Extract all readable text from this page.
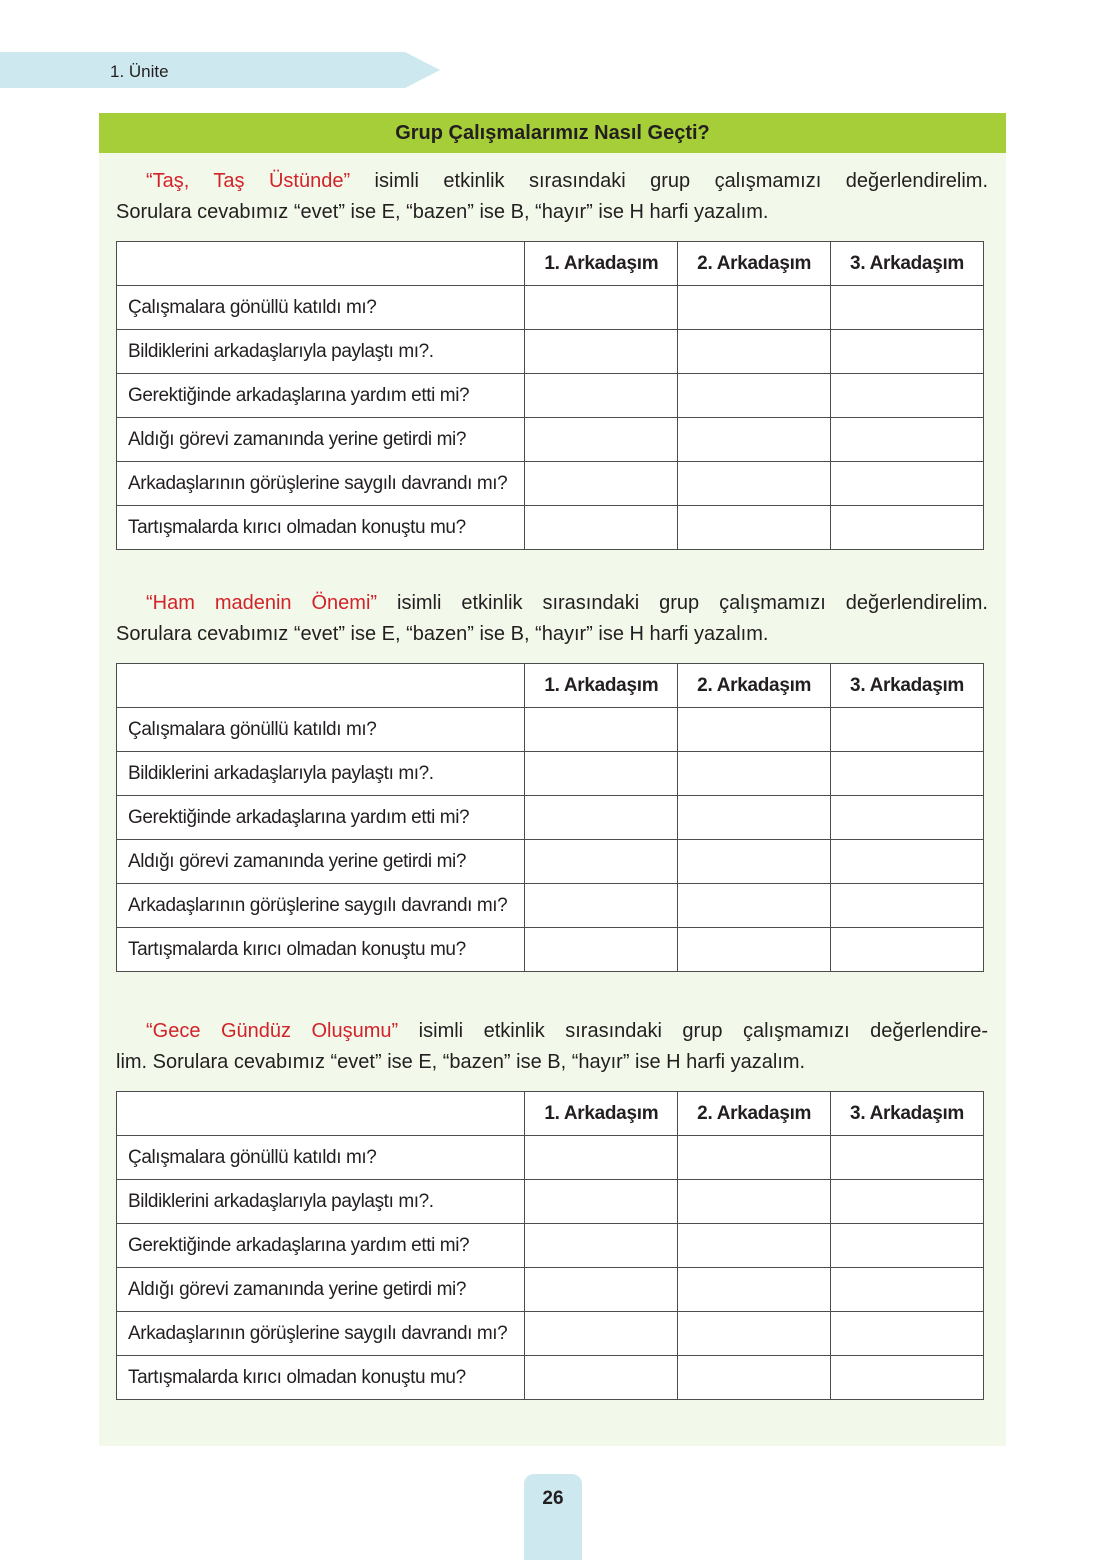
1. Ünite
Grup Çalışmalarımız Nasıl Geçti?
“Taş, Taş Üstünde” isimli etkinlik sırasındaki grup çalışmamızı değerlendirelim.
Sorulara cevabımız “evet” ise E, “bazen” ise B, “hayır” ise H harfi yazalım.
	1. Arkadaşım	2. Arkadaşım	3. Arkadaşım
Çalışmalara gönüllü katıldı mı?			
Bildiklerini arkadaşlarıyla paylaştı mı?.			
Gerektiğinde arkadaşlarına yardım etti mi?			
Aldığı görevi zamanında yerine getirdi mi?			
Arkadaşlarının görüşlerine saygılı davrandı mı?			
Tartışmalarda kırıcı olmadan konuştu mu?			
“Ham madenin Önemi” isimli etkinlik sırasındaki grup çalışmamızı değerlendirelim.
Sorulara cevabımız “evet” ise E, “bazen” ise B, “hayır” ise H harfi yazalım.
	1. Arkadaşım	2. Arkadaşım	3. Arkadaşım
Çalışmalara gönüllü katıldı mı?			
Bildiklerini arkadaşlarıyla paylaştı mı?.			
Gerektiğinde arkadaşlarına yardım etti mi?			
Aldığı görevi zamanında yerine getirdi mi?			
Arkadaşlarının görüşlerine saygılı davrandı mı?			
Tartışmalarda kırıcı olmadan konuştu mu?			
“Gece Gündüz Oluşumu” isimli etkinlik sırasındaki grup çalışmamızı değerlendire-
lim. Sorulara cevabımız “evet” ise E, “bazen” ise B, “hayır” ise H harfi yazalım.
	1. Arkadaşım	2. Arkadaşım	3. Arkadaşım
Çalışmalara gönüllü katıldı mı?			
Bildiklerini arkadaşlarıyla paylaştı mı?.			
Gerektiğinde arkadaşlarına yardım etti mi?			
Aldığı görevi zamanında yerine getirdi mi?			
Arkadaşlarının görüşlerine saygılı davrandı mı?			
Tartışmalarda kırıcı olmadan konuştu mu?			
26
